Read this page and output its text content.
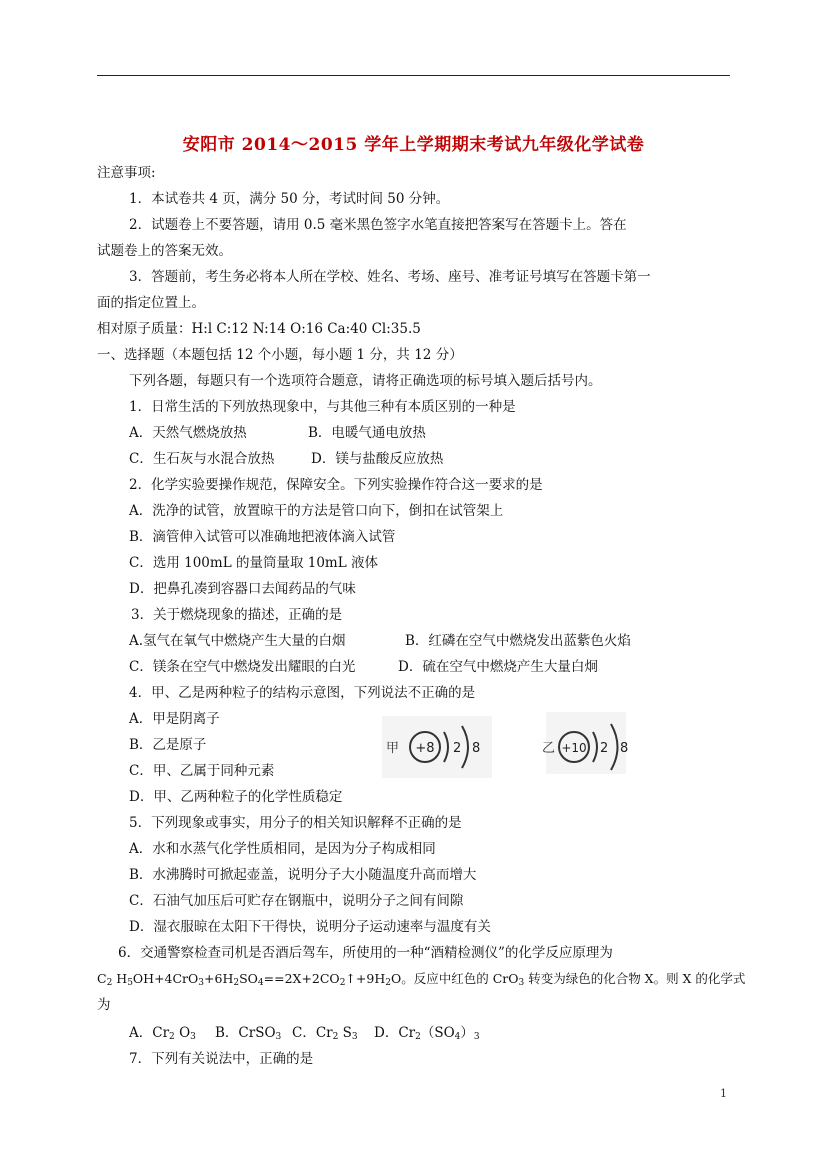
安阳市 2014～2015 学年上学期期末考试九年级化学试卷
注意事项:
1．本试卷共 4 页，满分 50 分，考试时间 50 分钟。
2．试题卷上不要答题，请用 0.5 毫米黑色签字水笔直接把答案写在答题卡上。答在
试题卷上的答案无效。
3．答题前，考生务必将本人所在学校、姓名、考场、座号、准考证号填写在答题卡第一
面的指定位置上。
相对原子质量：H:l C:12 N:14 O:16 Ca:40 Cl:35.5
一、选择题（本题包括 12 个小题，每小题 1 分，共 12 分）
下列各题，每题只有一个选项符合题意，请将正确选项的标号填入题后括号内。
1．日常生活的下列放热现象中，与其他三种有本质区别的一种是
A．天然气燃烧放热	B．电暖气通电放热
C．生石灰与水混合放热	D．镁与盐酸反应放热
2．化学实验要操作规范，保障安全。下列实验操作符合这一要求的是
A．洗净的试管，放置晾干的方法是管口向下，倒扣在试管架上
B．滴管伸入试管可以准确地把液体滴入试管
C．选用 100mL 的量筒量取 10mL 液体
D．把鼻孔凑到容器口去闻药品的气味
3．关于燃烧现象的描述，正确的是
A.氢气在氧气中燃烧产生大量的白烟	B．红磷在空气中燃烧发出蓝紫色火焰
C．镁条在空气中燃烧发出耀眼的白光	D．硫在空气中燃烧产生大量白炯
4．甲、乙是两种粒子的结构示意图，下列说法不正确的是
A．甲是阴离子
B．乙是原子
C．甲、乙属于同种元素
D．甲、乙两种粒子的化学性质稳定
甲 +8 2 8	乙 +10 2 8
5．下列现象或事实，用分子的相关知识解释不正确的是
A．水和水蒸气化学性质相同，是因为分子构成相同
B．水沸腾时可掀起壶盖，说明分子大小随温度升高而增大
C．石油气加压后可贮存在钢瓶中，说明分子之间有间隙
D．湿衣服晾在太阳下干得快，说明分子运动速率与温度有关
6．交通警察检查司机是否酒后驾车，所使用的一种“酒精检测仪”的化学反应原理为
$C_2$ $H_5OH+4CrO_3+6H_2SO_4==2X+2CO_2↑+9H_2O$。反应中红色的 CrO$_3$ 转变为绿色的化合物 X。则 X 的化学式
为
A．$Cr_2$ $O_3$ B．CrSO$_3$ C．$Cr_2$ $S_3$ D．$Cr_2(SO_4)_3$
7．下列有关说法中，正确的是
1
